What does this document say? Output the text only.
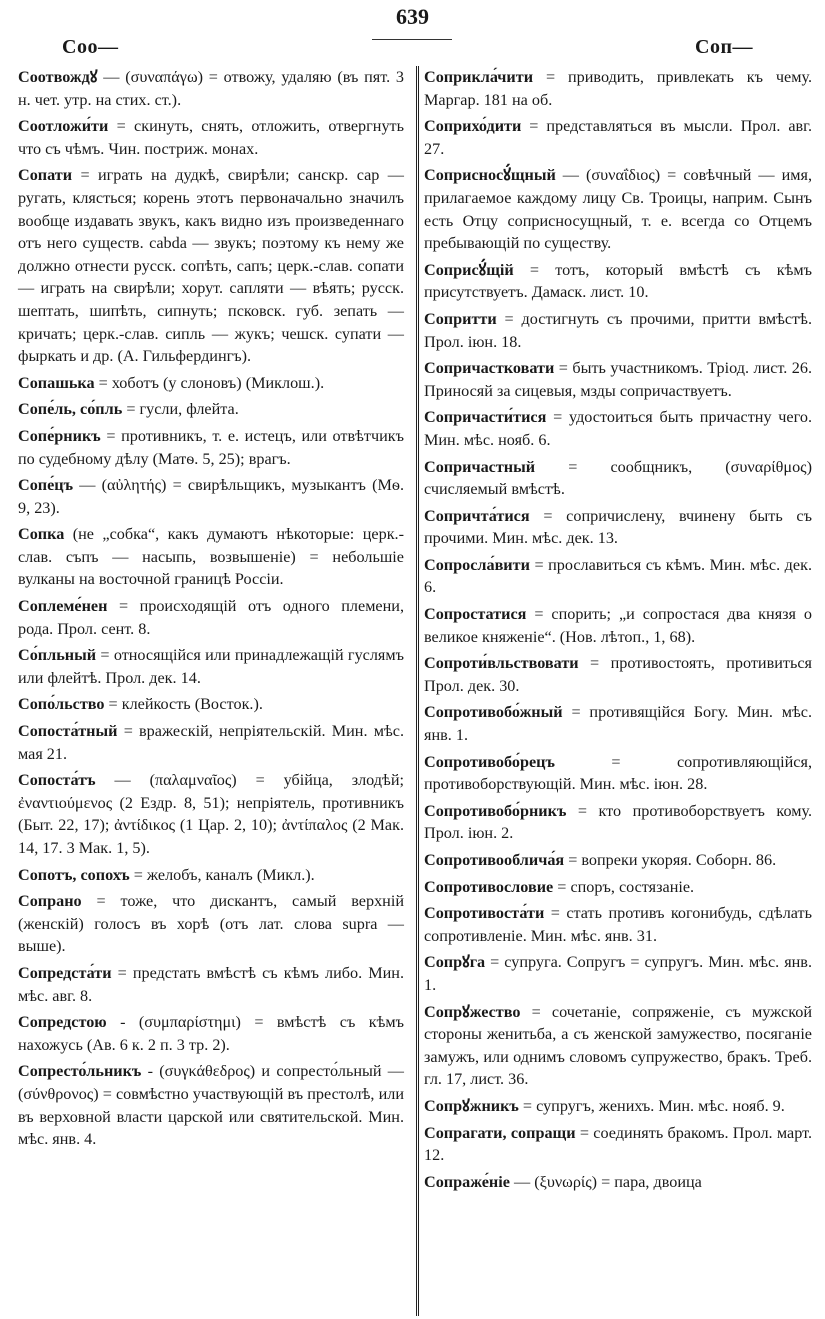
639
Соо—	Соп—

Соотвождꙋ — (συναπάγω) = отвожу, удаляю (въ пят. 3 н. чет. утр. на стих. ст.).

Соотложи́ти = скинуть, снять, отложить, отвергнуть что съ чѣмъ. Чин. постриж. монах.

Сопати = играть на дудкѣ, свирѣли; санскр. сар — ругать, клясться; корень этотъ первоначально значилъ вообще издавать звукъ, какъ видно изъ произведеннаго отъ него существ. cabda — звукъ; поэтому къ нему же должно отнести русск. сопѣть, сапъ; церк.-слав. сопати — играть на свирѣли; хорут. сапляти — вѣять; русск. шептать, шипѣть, сипнуть; псковск. губ. зепать — кричать; церк.-слав. сипль — жукъ; чешск. супати — фыркать и др. (А. Гильфердингъ).

Сопашька = хоботъ (у слоновъ) (Миклош.).

Сопе́ль, со́пль = гусли, флейта.

Сопе́рникъ = противникъ, т. е. истецъ, или отвѣтчикъ по судебному дѣлу (Матѳ. 5, 25); врагъ.

Сопе́цъ — (αὐλητής) = свирѣльщикъ, музыкантъ (Мѳ. 9, 23).

Сопка (не „собка“, какъ думаютъ нѣкоторые: церк.-слав. съпъ — насыпь, возвышеніе) = небольшіе вулканы на восточной границѣ Россіи.

Соплеме́нен = происходящій отъ одного племени, рода. Прол. сент. 8.

Со́пльный = относящійся или принадлежащій гуслямъ или флейтѣ. Прол. дек. 14.

Сопо́льство = клейкость (Восток.).

Сопоста́тный = вражескій, непріятельскій. Мин. мѣс. мая 21.

Сопоста́тъ — (παλαμναῖος) = убійца, злодѣй; ἐναντιούμενος (2 Ездр. 8, 51); непріятель, противникъ (Быт. 22, 17); ἀντίδικος (1 Цар. 2, 10); ἀντίπαλος (2 Мак. 14, 17. 3 Мак. 1, 5).

Сопотъ, сопохъ = желобъ, каналъ (Микл.).

Сопрано = тоже, что дискантъ, самый верхній (женскій) голосъ въ хорѣ (отъ лат. слова supra — выше).

Сопредста́ти = предстать вмѣстѣ съ кѣмъ либо. Мин. мѣс. авг. 8.

Сопредстою - (συμπαρίστημι) = вмѣстѣ съ кѣмъ нахожусь (Ав. 6 к. 2 п. 3 тр. 2).

Сопресто́льникъ - (συγκάθεδρος) и сопресто́льный — (σύνθρονος) = совмѣстно участвующій въ престолѣ, или въ верховной власти царской или святительской. Мин. мѣс. янв. 4.

Соприкла́чити = приводить, привлекать къ чему. Маргар. 181 на об.

Соприхо́дити = представляться въ мысли. Прол. авг. 27.

Соприсносꙋ́щный — (συναΐδιος) = совѣчный — имя, прилагаемое каждому лицу Св. Троицы, наприм. Сынъ есть Отцу соприсносущный, т. е. всегда со Отцемъ пребывающій по существу.

Соприсꙋ́щій = тотъ, который вмѣстѣ съ кѣмъ присутствуетъ. Дамаск. лист. 10.

Сопритти = достигнуть съ прочими, притти вмѣстѣ. Прол. іюн. 18.

Сопричастковати = быть участникомъ. Тріод. лист. 26. Приносяй за сицевыя, мзды сопричаствуетъ.

Сопричасти́тися = удостоиться быть причастну чего. Мин. мѣс. нояб. 6.

Сопричастный = сообщникъ, (συναρίθμος) счисляемый вмѣстѣ.

Сопричта́тися = сопричислену, вчинену быть съ прочими. Мин. мѣс. дек. 13.

Сопросла́вити = прославиться съ кѣмъ. Мин. мѣс. дек. 6.

Сопростатися = спорить; „и сопростася два князя о великое княженіе“. (Нов. лѣтоп., 1, 68).

Сопроти́вльствовати = противостоять, противиться Прол. дек. 30.

Сопротивобо́жный = противящійся Богу. Мин. мѣс. янв. 1.

Сопротивобо́рецъ = сопротивляющійся, противоборствующій. Мин. мѣс. іюн. 28.

Сопротивобо́рникъ = кто противоборствуетъ кому. Прол. іюн. 2.

Сопротивооблича́я = вопреки укоряя. Соборн. 86.

Сопротивословие = споръ, состязаніе.

Сопротивоста́ти = стать противъ когонибудь, сдѣлать сопротивленіе. Мин. мѣс. янв. 31.

Сопрꙋга = супруга. Сопругъ = супругъ. Мин. мѣс. янв. 1.

Сопрꙋжество = сочетаніе, сопряженіе, съ мужской стороны женитьба, а съ женской замужество, посяганіе замужъ, или однимъ словомъ супружество, бракъ. Треб. гл. 17, лист. 36.

Сопрꙋжникъ = супругъ, женихъ. Мин. мѣс. нояб. 9.

Сопрагати, сопращи = соединять бракомъ. Прол. март. 12.

Сопраже́ніе — (ξυνωρίς) = пара, двоица
